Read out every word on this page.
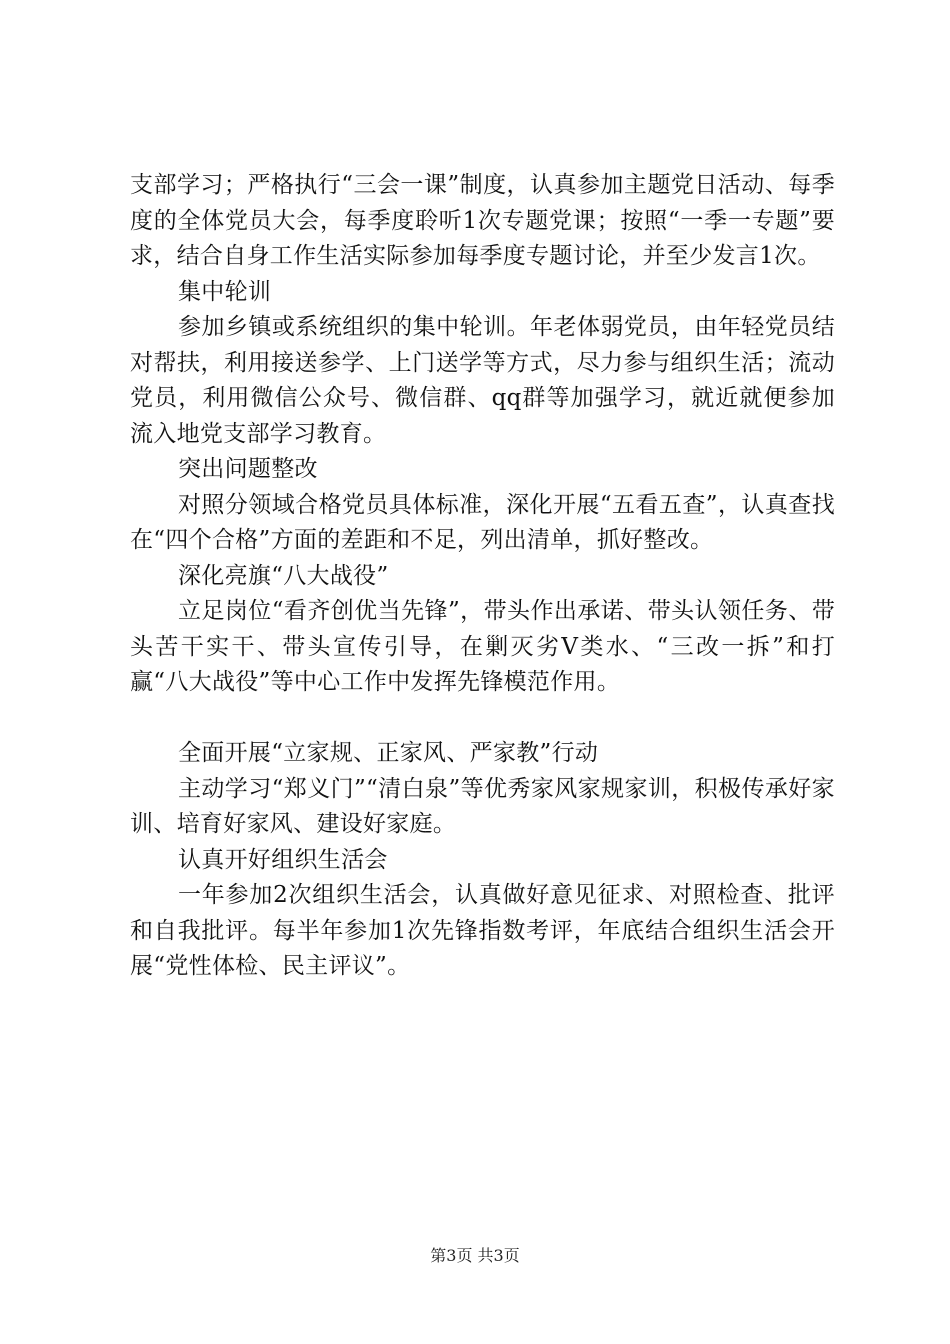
支部学习；严格执行“三会一课”制度，认真参加主题党日活动、每季度的全体党员大会，每季度聆听1次专题党课；按照“一季一专题”要求，结合自身工作生活实际参加每季度专题讨论，并至少发言1次。

集中轮训

参加乡镇或系统组织的集中轮训。年老体弱党员，由年轻党员结对帮扶，利用接送参学、上门送学等方式，尽力参与组织生活；流动党员，利用微信公众号、微信群、qq群等加强学习，就近就便参加流入地党支部学习教育。

突出问题整改

对照分领域合格党员具体标准，深化开展“五看五查”，认真查找在“四个合格”方面的差距和不足，列出清单，抓好整改。

深化亮旗“八大战役”

立足岗位“看齐创优当先锋”，带头作出承诺、带头认领任务、带头苦干实干、带头宣传引导，在剿灭劣V类水、“三改一拆”和打赢“八大战役”等中心工作中发挥先锋模范作用。

全面开展“立家规、正家风、严家教”行动

主动学习“郑义门”“清白泉”等优秀家风家规家训，积极传承好家训、培育好家风、建设好家庭。

认真开好组织生活会

一年参加2次组织生活会，认真做好意见征求、对照检查、批评和自我批评。每半年参加1次先锋指数考评，年底结合组织生活会开展“党性体检、民主评议”。

第3页 共3页
